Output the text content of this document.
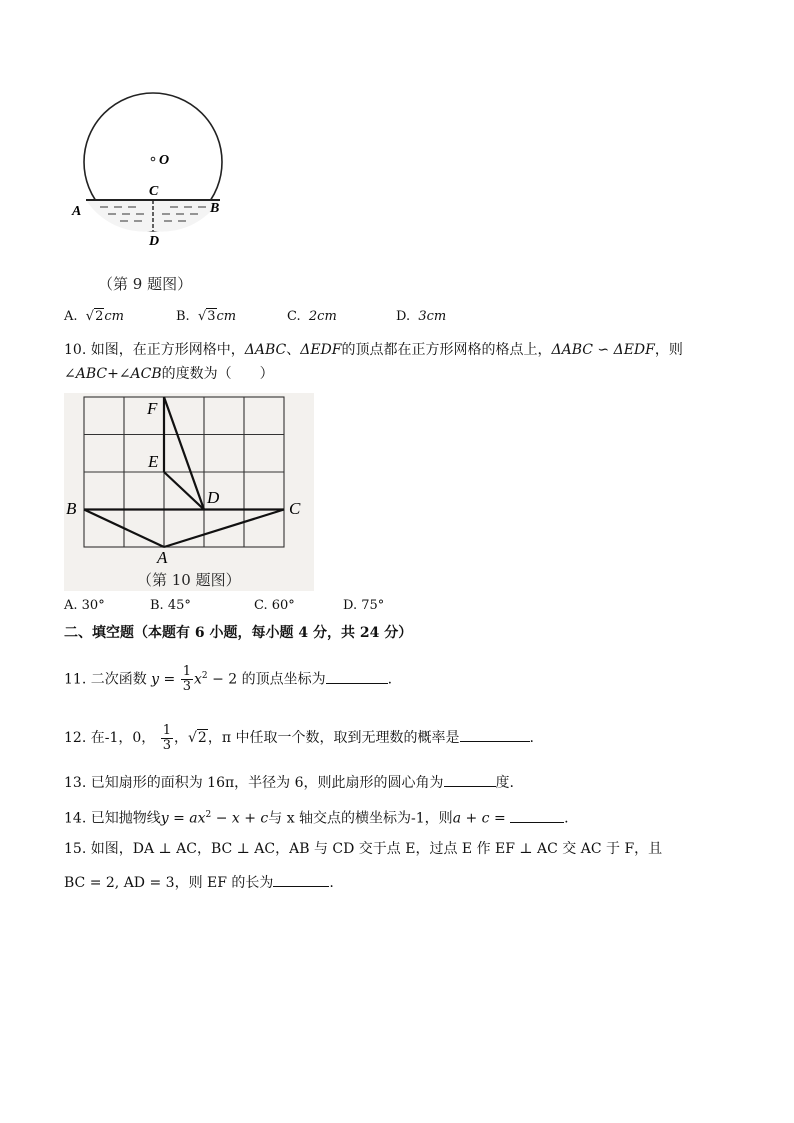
O
C
A	B
D
（第 9 题图）
A. √2cm	B. √3cm	C. 2cm	D. 3cm
10. 如图，在正方形网格中，ΔABC、ΔEDF的顶点都在正方形网格的格点上，ΔABC ∽ ΔEDF，则
∠ABC+∠ACB的度数为（　　）
F
E
D
B	C
A
（第 10 题图）
A. 30°	B. 45°	C. 60°	D. 75°
二、填空题（本题有 6 小题，每小题 4 分，共 24 分）
11. 二次函数 $y = \frac{1}{3} x^2 - 2$ 的顶点坐标为	.
12. 在-1，0， $\frac{1}{3}$ ，√2，π 中任取一个数，取到无理数的概率是	.
13. 已知扇形的面积为 16π，半径为 6，则此扇形的圆心角为	度.
14. 已知抛物线$y = ax^2 - x + c$与 x 轴交点的横坐标为-1，则a + c =	.
15. 如图，DA ⊥ AC，BC ⊥ AC，AB 与 CD 交于点 E，过点 E 作 EF ⊥ AC 交 AC 于 F，且
BC = 2, AD = 3，则 EF 的长为	.
